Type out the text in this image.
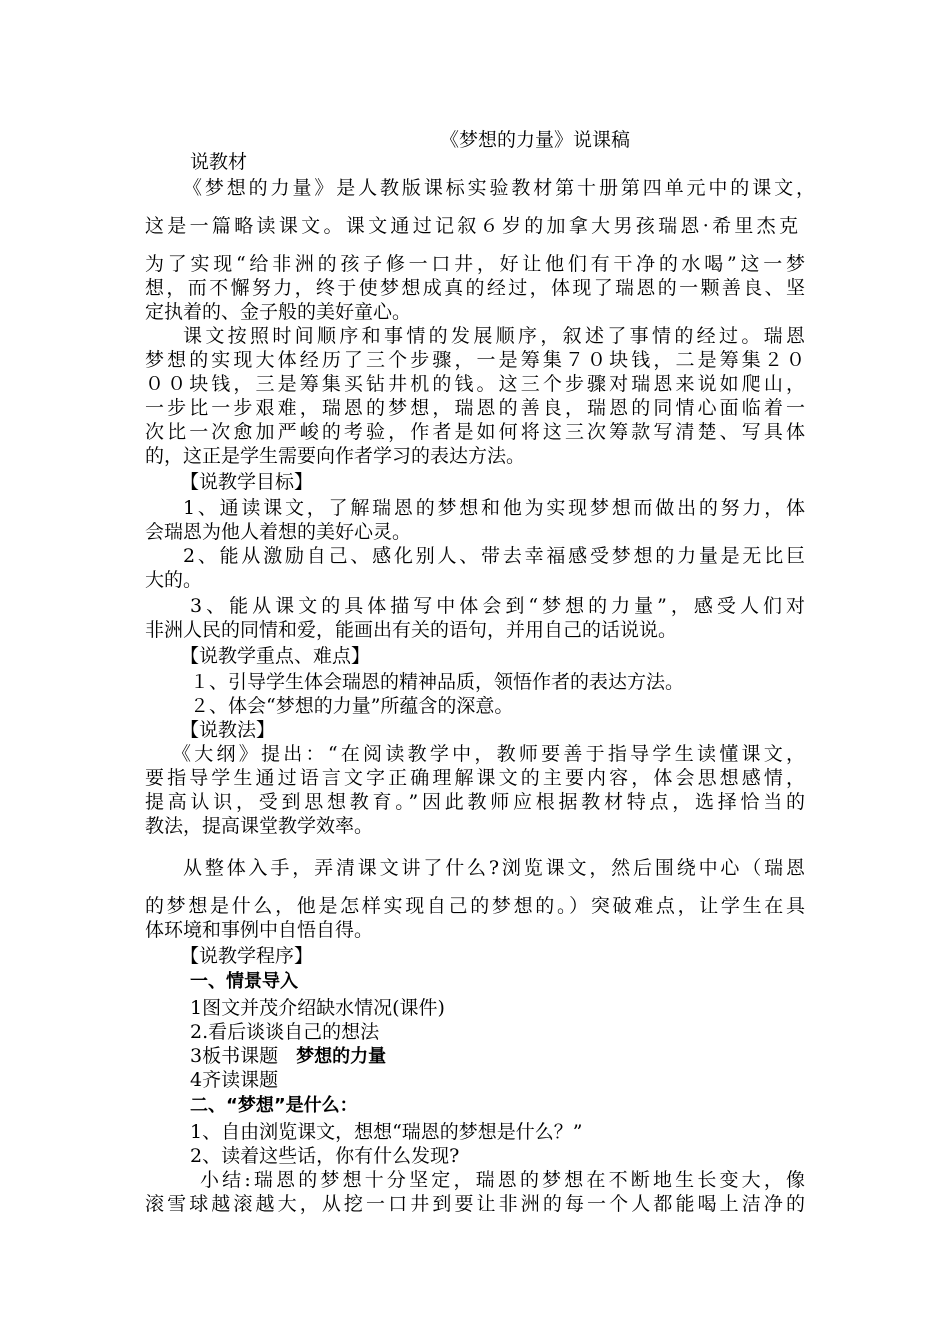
《梦想的力量》说课稿
说教材
《梦想的力量》是人教版课标实验教材第十册第四单元中的课文，
这是一篇略读课文。课文通过记叙６岁的加拿大男孩瑞恩·希里杰克
为了实现“给非洲的孩子修一口井，好让他们有干净的水喝”这一梦
想，而不懈努力，终于使梦想成真的经过，体现了瑞恩的一颗善良、坚
定执着的、金子般的美好童心。
课文按照时间顺序和事情的发展顺序，叙述了事情的经过。瑞恩
梦想的实现大体经历了三个步骤，一是筹集７０块钱，二是筹集２０
００块钱，三是筹集买钻井机的钱。这三个步骤对瑞恩来说如爬山，
一步比一步艰难，瑞恩的梦想，瑞恩的善良，瑞恩的同情心面临着一
次比一次愈加严峻的考验，作者是如何将这三次筹款写清楚、写具体
的，这正是学生需要向作者学习的表达方法。
【说教学目标】
1、通读课文，了解瑞恩的梦想和他为实现梦想而做出的努力，体
会瑞恩为他人着想的美好心灵。
2、能从激励自己、感化别人、带去幸福感受梦想的力量是无比巨
大的。
3、能从课文的具体描写中体会到“梦想的力量”，感受人们对
非洲人民的同情和爱，能画出有关的语句，并用自己的话说说。
【说教学重点、难点】
１、引导学生体会瑞恩的精神品质，领悟作者的表达方法。
２、体会“梦想的力量”所蕴含的深意。
【说教法】
《大纲》提出：“在阅读教学中，教师要善于指导学生读懂课文，
要指导学生通过语言文字正确理解课文的主要内容，体会思想感情，
提高认识，受到思想教育。”因此教师应根据教材特点，选择恰当的
教法，提高课堂教学效率。
从整体入手，弄清课文讲了什么?浏览课文，然后围绕中心（瑞恩
的梦想是什么，他是怎样实现自己的梦想的。）突破难点，让学生在具
体环境和事例中自悟自得。
【说教学程序】
一、情景导入
1图文并茂介绍缺水情况(课件)
2.看后谈谈自己的想法
3板书课题 梦想的力量
4齐读课题
二、“梦想”是什么：
1、自由浏览课文，想想“瑞恩的梦想是什么？”
2、读着这些话，你有什么发现?
小结:瑞恩的梦想十分坚定，瑞恩的梦想在不断地生长变大，像
滚雪球越滚越大，从挖一口井到要让非洲的每一个人都能喝上洁净的
